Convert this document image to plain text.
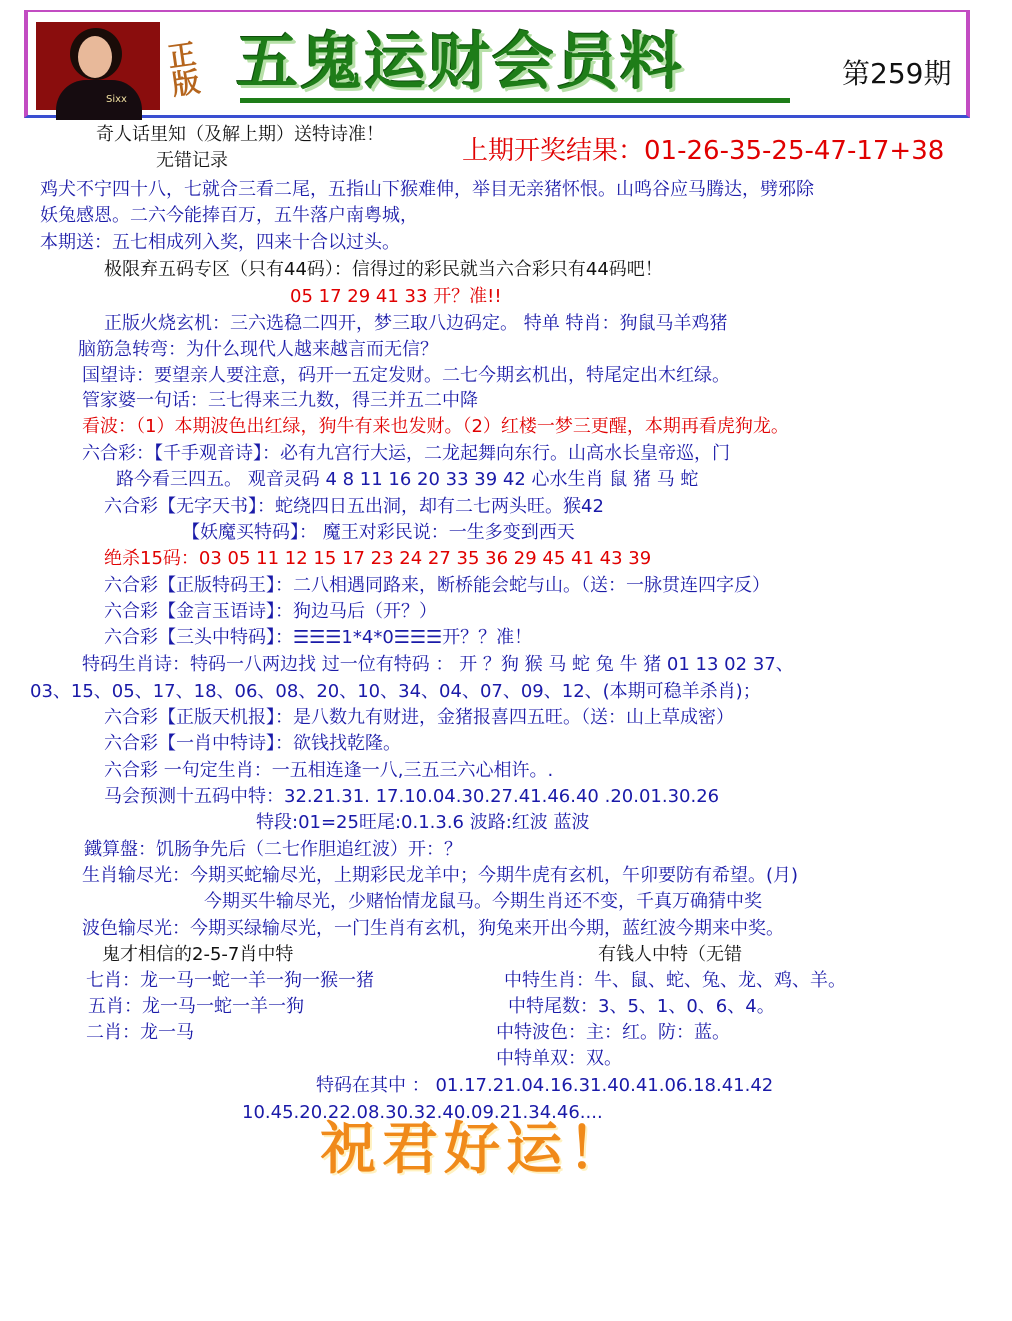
Sixx
正版 五鬼运财会员料	第259期
上期开奖结果：01-26-35-25-47-17+38
奇人话里知（及解上期）送特诗准！
无错记录
鸡犬不宁四十八，七就合三看二尾，五指山下猴难伸，举目无亲猪怀恨。山鸣谷应马腾达，劈邪除
妖兔感恩。二六今能捧百万，五牛落户南粤城，
本期送：五七相成列入奖，四来十合以过头。
极限弃五码专区（只有44码）：信得过的彩民就当六合彩只有44码吧！
05 17 29 41 33 开？准!!
正版火烧玄机：三六选稳二四开，梦三取八边码定。 特单 特肖：狗鼠马羊鸡猪
脑筋急转弯：为什么现代人越来越言而无信？
国望诗：要望亲人要注意，码开一五定发财。二七今期玄机出，特尾定出木红绿。
管家婆一句话：三七得来三九数，得三并五二中降
看波：（1）本期波色出红绿，狗牛有来也发财。（2）红楼一梦三更醒，本期再看虎狗龙。
六合彩：【千手观音诗】：必有九宫行大运，二龙起舞向东行。山高水长皇帝巡，门
路今看三四五。 观音灵码 4 8 11 16 20 33 39 42 心水生肖 鼠 猪 马 蛇
六合彩【无字天书】：蛇绕四日五出洞，却有二七两头旺。猴42
【妖魔买特码】： 魔王对彩民说：一生多变到西天
绝杀15码：03 05 11 12 15 17 23 24 27 35 36 29 45 41 43 39
六合彩【正版特码王】：二八相遇同路来，断桥能会蛇与山。（送：一脉贯连四字反）
六合彩【金言玉语诗】：狗边马后（开？）
六合彩【三头中特码】：☰☰☰1*4*0☰☰☰开？？准！
特码生肖诗：特码一八两边找 过一位有特码 ： 开 ？狗 猴 马 蛇 兔 牛 猪 01 13 02 37、
03、15、05、17、18、06、08、20、10、34、04、07、09、12、(本期可稳羊杀肖)；
六合彩【正版天机报】：是八数九有财进，金猪报喜四五旺。（送：山上草成密）
六合彩【一肖中特诗】：欲钱找乾隆。
六合彩 一句定生肖：一五相连逢一八,三五三六心相许。.
马会预测十五码中特：32.21.31. 17.10.04.30.27.41.46.40 .20.01.30.26
特段:01=25旺尾:0.1.3.6 波路:红波 蓝波
鐵算盤：饥肠争先后（二七作胆追红波）开：？
生肖输尽光：今期买蛇输尽光，上期彩民龙羊中；今期牛虎有玄机，午卯要防有希望。(月)
今期买牛输尽光，少赌怡情龙鼠马。今期生肖还不变，千真万确猜中奖
波色输尽光：今期买绿输尽光，一门生肖有玄机，狗兔来开出今期，蓝红波今期来中奖。
鬼才相信的2-5-7肖中特	有钱人中特（无错
七肖：龙一马一蛇一羊一狗一猴一猪	中特生肖：牛、鼠、蛇、兔、龙、鸡、羊。
五肖：龙一马一蛇一羊一狗	中特尾数：3、5、1、0、6、4。
二肖：龙一马	中特波色：主：红。防：蓝。
中特单双：双。
特码在其中 ： 01.17.21.04.16.31.40.41.06.18.41.42
10.45.20.22.08.30.32.40.09.21.34.46....
祝君好运！
